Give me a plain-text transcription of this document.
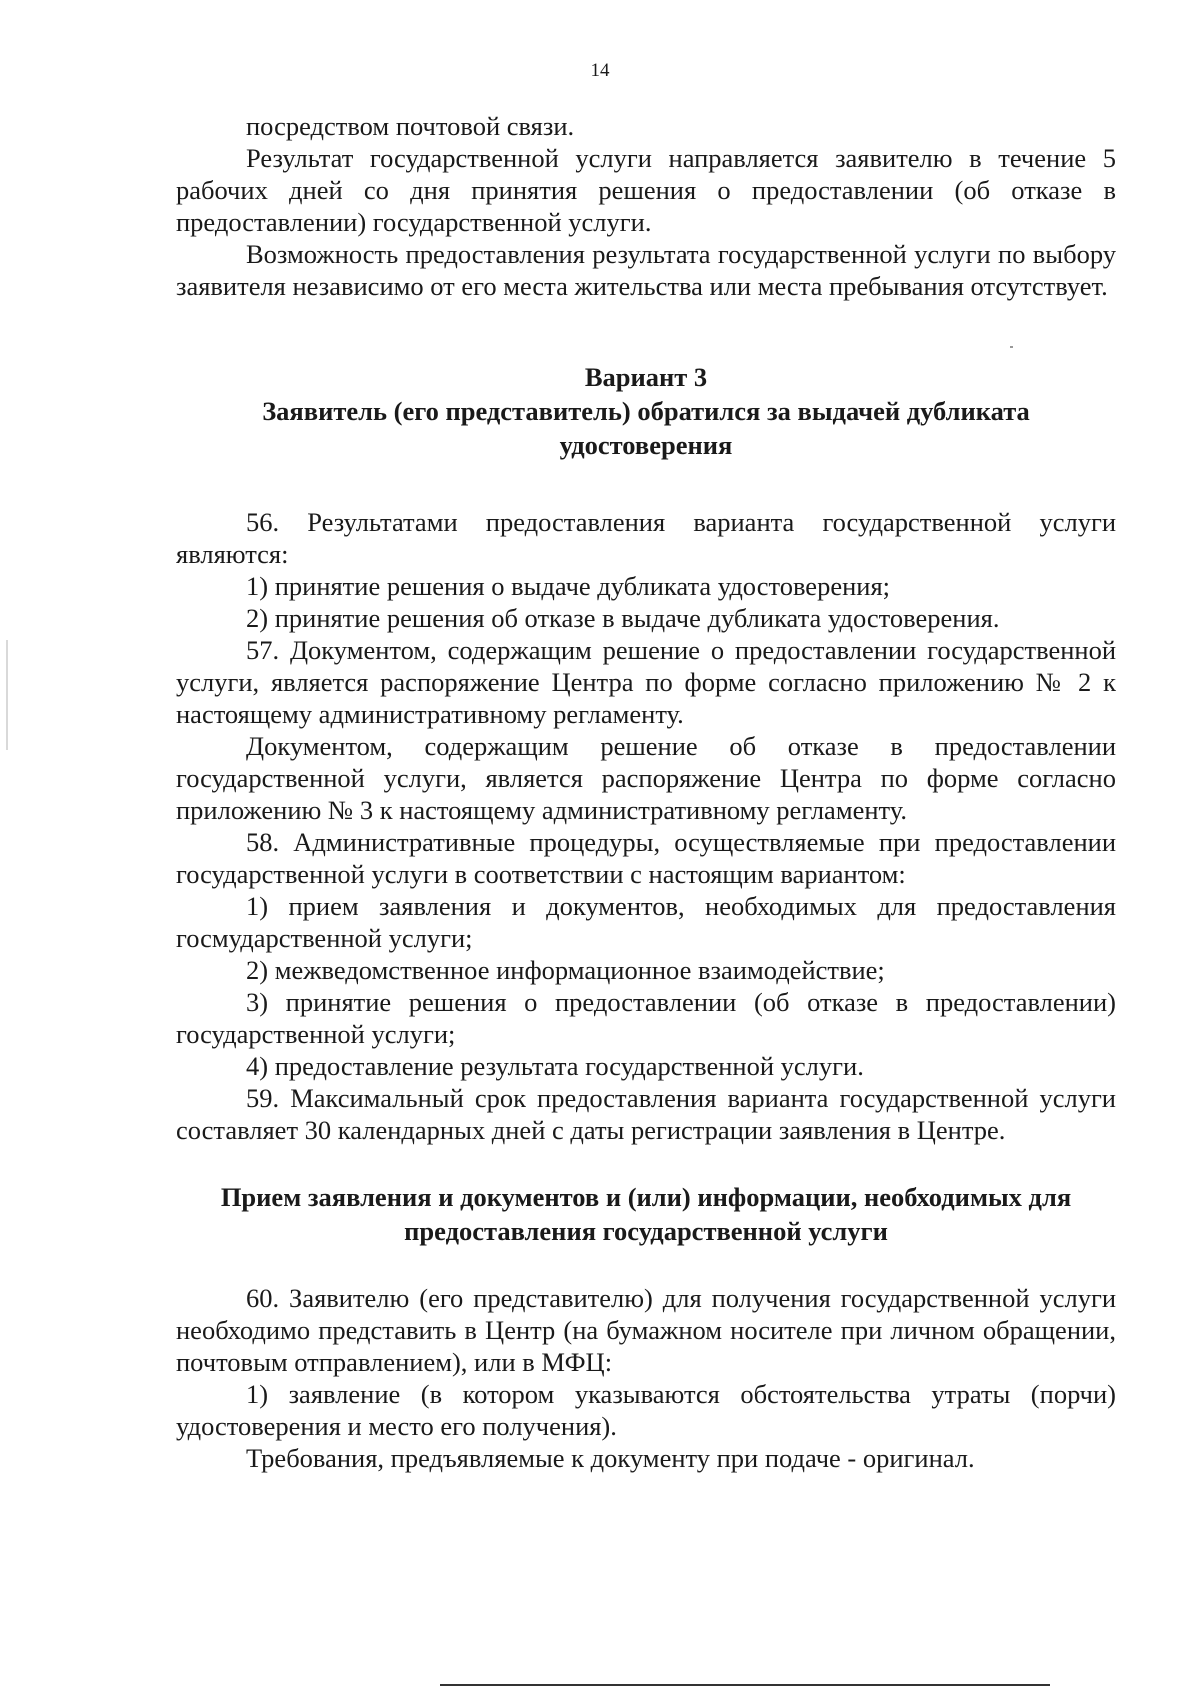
14

посредством почтовой связи.

Результат государственной услуги направляется заявителю в течение 5 рабочих дней со дня принятия решения о предоставлении (об отказе в предоставлении) государственной услуги.

Возможность предоставления результата государственной услуги по выбору заявителя независимо от его места жительства или места пребывания отсутствует.

Вариант 3

Заявитель (его представитель) обратился за выдачей дубликата удостоверения

56. Результатами предоставления варианта государственной услуги являются:

1) принятие решения о выдаче дубликата удостоверения;

2) принятие решения об отказе в выдаче дубликата удостоверения.

57. Документом, содержащим решение о предоставлении государственной услуги, является распоряжение Центра по форме согласно приложению № 2 к настоящему административному регламенту.

Документом, содержащим решение об отказе в предоставлении государственной услуги, является распоряжение Центра по форме согласно приложению № 3 к настоящему административному регламенту.

58. Административные процедуры, осуществляемые при предоставлении государственной услуги в соответствии с настоящим вариантом:

1) прием заявления и документов, необходимых для предоставления госмударственной услуги;

2) межведомственное информационное взаимодействие;

3) принятие решения о предоставлении (об отказе в предоставлении) государственной услуги;

4) предоставление результата государственной услуги.

59. Максимальный срок предоставления варианта государственной услуги составляет 30 календарных дней с даты регистрации заявления в Центре.

Прием заявления и документов и (или) информации, необходимых для предоставления государственной услуги

60. Заявителю (его представителю) для получения государственной услуги необходимо представить в Центр (на бумажном носителе при личном обращении, почтовым отправлением), или в МФЦ:

1) заявление (в котором указываются обстоятельства утраты (порчи) удостоверения и место его получения).

Требования, предъявляемые к документу при подаче - оригинал.
